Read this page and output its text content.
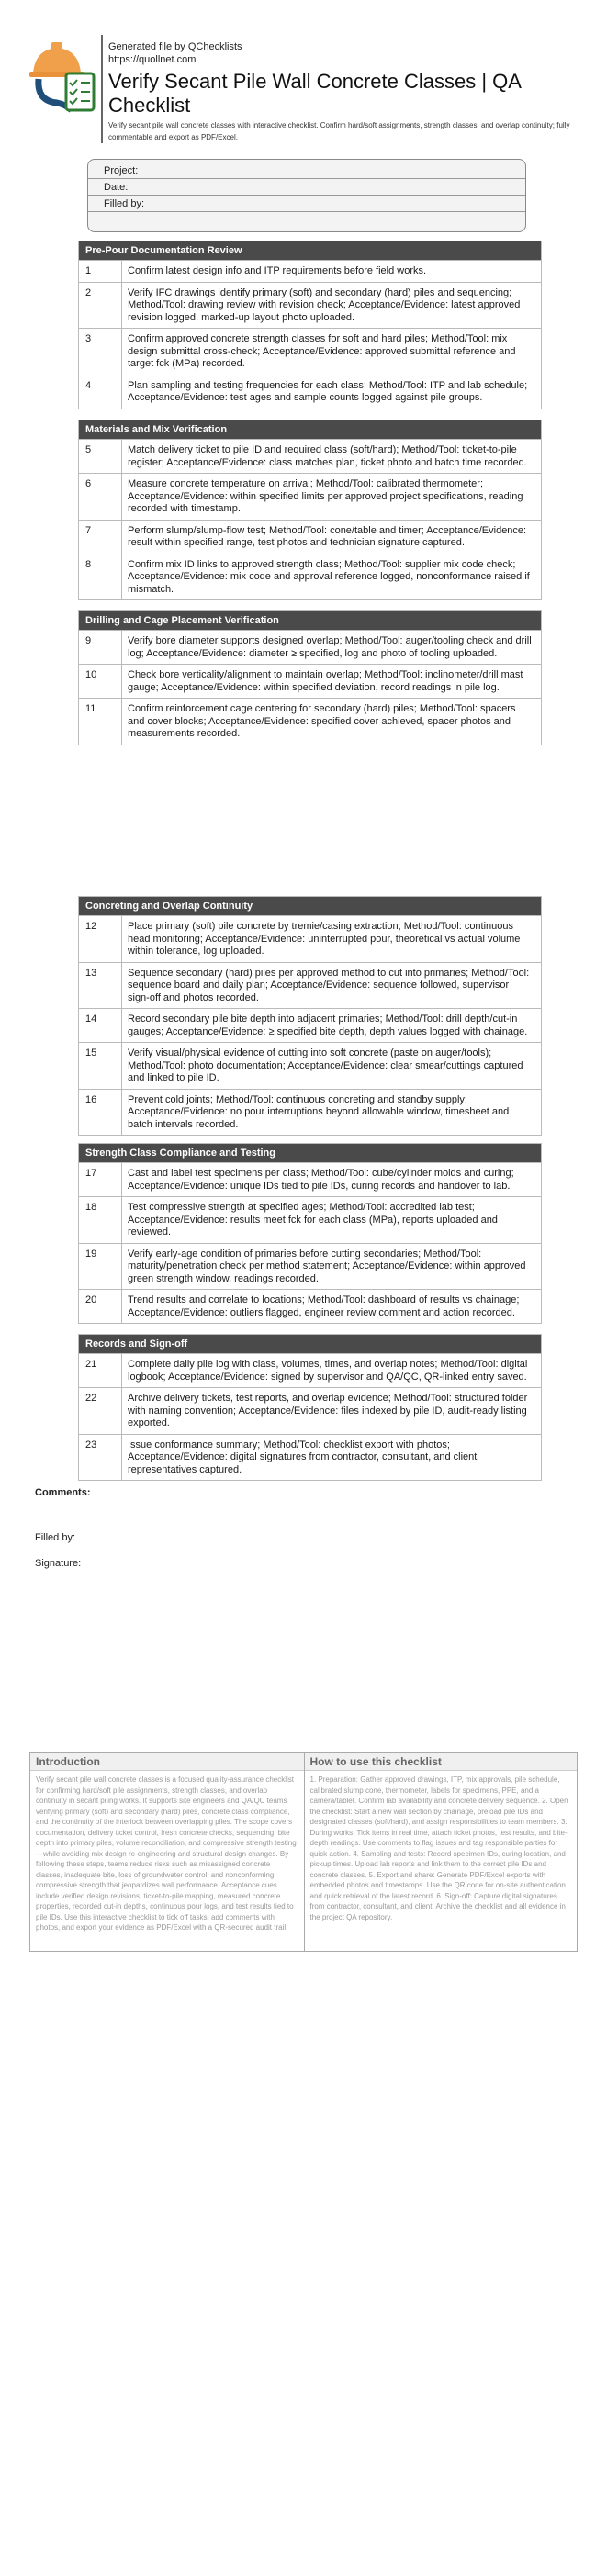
Generated file by QChecklists
https://quollnet.com
Verify Secant Pile Wall Concrete Classes | QA Checklist
Verify secant pile wall concrete classes with interactive checklist. Confirm hard/soft assignments, strength classes, and overlap continuity; fully commentable and export as PDF/Excel.
Project:
Date:
Filled by:
Pre-Pour Documentation Review
1	Confirm latest design info and ITP requirements before field works.
2	Verify IFC drawings identify primary (soft) and secondary (hard) piles and sequencing; Method/Tool: drawing review with revision check; Acceptance/Evidence: latest approved revision logged, marked-up layout photo uploaded.
3	Confirm approved concrete strength classes for soft and hard piles; Method/Tool: mix design submittal cross-check; Acceptance/Evidence: approved submittal reference and target fck (MPa) recorded.
4	Plan sampling and testing frequencies for each class; Method/Tool: ITP and lab schedule; Acceptance/Evidence: test ages and sample counts logged against pile groups.
Materials and Mix Verification
5	Match delivery ticket to pile ID and required class (soft/hard); Method/Tool: ticket-to-pile register; Acceptance/Evidence: class matches plan, ticket photo and batch time recorded.
6	Measure concrete temperature on arrival; Method/Tool: calibrated thermometer; Acceptance/Evidence: within specified limits per approved project specifications, reading recorded with timestamp.
7	Perform slump/slump-flow test; Method/Tool: cone/table and timer; Acceptance/Evidence: result within specified range, test photos and technician signature captured.
8	Confirm mix ID links to approved strength class; Method/Tool: supplier mix code check; Acceptance/Evidence: mix code and approval reference logged, nonconformance raised if mismatch.
Drilling and Cage Placement Verification
9	Verify bore diameter supports designed overlap; Method/Tool: auger/tooling check and drill log; Acceptance/Evidence: diameter ≥ specified, log and photo of tooling uploaded.
10	Check bore verticality/alignment to maintain overlap; Method/Tool: inclinometer/drill mast gauge; Acceptance/Evidence: within specified deviation, record readings in pile log.
11	Confirm reinforcement cage centering for secondary (hard) piles; Method/Tool: spacers and cover blocks; Acceptance/Evidence: specified cover achieved, spacer photos and measurements recorded.
Concreting and Overlap Continuity
12	Place primary (soft) pile concrete by tremie/casing extraction; Method/Tool: continuous head monitoring; Acceptance/Evidence: uninterrupted pour, theoretical vs actual volume within tolerance, log uploaded.
13	Sequence secondary (hard) piles per approved method to cut into primaries; Method/Tool: sequence board and daily plan; Acceptance/Evidence: sequence followed, supervisor sign-off and photos recorded.
14	Record secondary pile bite depth into adjacent primaries; Method/Tool: drill depth/cut-in gauges; Acceptance/Evidence: ≥ specified bite depth, depth values logged with chainage.
15	Verify visual/physical evidence of cutting into soft concrete (paste on auger/tools); Method/Tool: photo documentation; Acceptance/Evidence: clear smear/cuttings captured and linked to pile ID.
16	Prevent cold joints; Method/Tool: continuous concreting and standby supply; Acceptance/Evidence: no pour interruptions beyond allowable window, timesheet and batch intervals recorded.
Strength Class Compliance and Testing
17	Cast and label test specimens per class; Method/Tool: cube/cylinder molds and curing; Acceptance/Evidence: unique IDs tied to pile IDs, curing records and handover to lab.
18	Test compressive strength at specified ages; Method/Tool: accredited lab test; Acceptance/Evidence: results meet fck for each class (MPa), reports uploaded and reviewed.
19	Verify early-age condition of primaries before cutting secondaries; Method/Tool: maturity/penetration check per method statement; Acceptance/Evidence: within approved green strength window, readings recorded.
20	Trend results and correlate to locations; Method/Tool: dashboard of results vs chainage; Acceptance/Evidence: outliers flagged, engineer review comment and action recorded.
Records and Sign-off
21	Complete daily pile log with class, volumes, times, and overlap notes; Method/Tool: digital logbook; Acceptance/Evidence: signed by supervisor and QA/QC, QR-linked entry saved.
22	Archive delivery tickets, test reports, and overlap evidence; Method/Tool: structured folder with naming convention; Acceptance/Evidence: files indexed by pile ID, audit-ready listing exported.
23	Issue conformance summary; Method/Tool: checklist export with photos; Acceptance/Evidence: digital signatures from contractor, consultant, and client representatives captured.
Comments:
Filled by:
Signature:
Introduction
Verify secant pile wall concrete classes is a focused quality-assurance checklist for confirming hard/soft pile assignments, strength classes, and overlap continuity in secant piling works. It supports site engineers and QA/QC teams verifying primary (soft) and secondary (hard) piles, concrete class compliance, and the continuity of the interlock between overlapping piles. The scope covers documentation, delivery ticket control, fresh concrete checks, sequencing, bite depth into primary piles, volume reconciliation, and compressive strength testing—while avoiding mix design re-engineering and structural design changes. By following these steps, teams reduce risks such as misassigned concrete classes, inadequate bite, loss of groundwater control, and nonconforming compressive strength that jeopardizes wall performance. Acceptance cues include verified design revisions, ticket-to-pile mapping, measured concrete properties, recorded cut-in depths, continuous pour logs, and test results tied to pile IDs. Use this interactive checklist to tick off tasks, add comments with photos, and export your evidence as PDF/Excel with a QR-secured audit trail.
How to use this checklist
1. Preparation: Gather approved drawings, ITP, mix approvals, pile schedule, calibrated slump cone, thermometer, labels for specimens, PPE, and a camera/tablet. Confirm lab availability and concrete delivery sequence. 2. Open the checklist: Start a new wall section by chainage, preload pile IDs and designated classes (soft/hard), and assign responsibilities to team members. 3. During works: Tick items in real time, attach ticket photos, test results, and bite-depth readings. Use comments to flag issues and tag responsible parties for quick action. 4. Sampling and tests: Record specimen IDs, curing location, and pickup times. Upload lab reports and link them to the correct pile IDs and concrete classes. 5. Export and share: Generate PDF/Excel exports with embedded photos and timestamps. Use the QR code for on-site authentication and quick retrieval of the latest record. 6. Sign-off: Capture digital signatures from contractor, consultant, and client. Archive the checklist and all evidence in the project QA repository.
